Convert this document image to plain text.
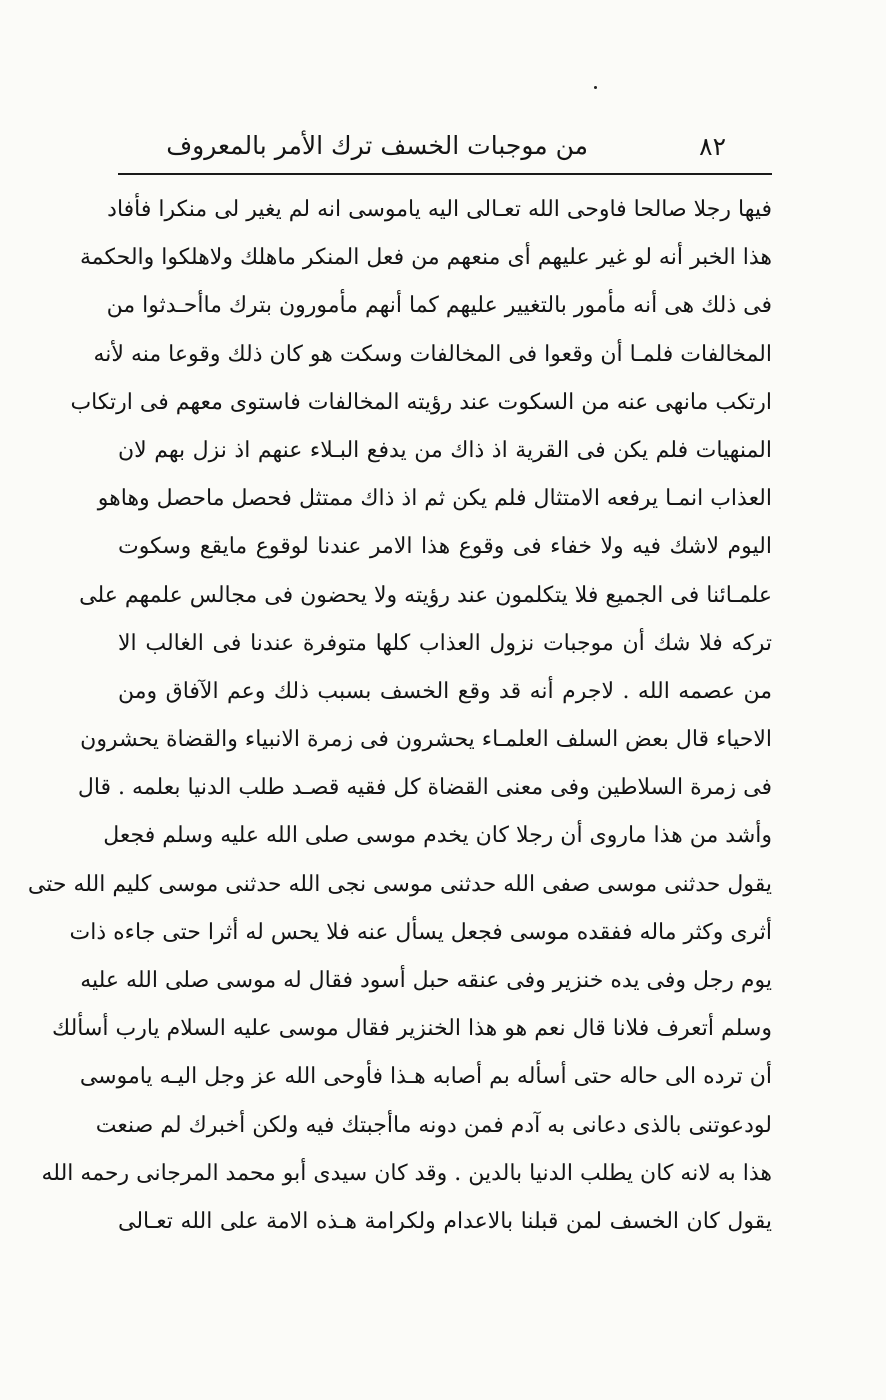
٨٢
من موجبات الخسف ترك الأمر بالمعروف
فيها رجلا صالحا فاوحى الله تعـالى اليه ياموسى انه لم يغير لى منكرا فأفاد
هذا الخبر أنه لو غير عليهم أى منعهم من فعل المنكر ماهلك ولاهلكوا والحكمة
فى ذلك هى أنه مأمور بالتغيير عليهم كما أنهم مأمورون بترك ماأحـدثوا من
المخالفات فلمـا أن وقعوا فى المخالفات وسكت هو كان ذلك وقوعا منه لأنه
ارتكب مانهى عنه من السكوت عند رؤيته المخالفات فاستوى معهم فى ارتكاب
المنهيات فلم يكن فى القرية اذ ذاك من يدفع البـلاء عنهم اذ نزل بهم لان
العذاب انمـا يرفعه الامتثال فلم يكن ثم اذ ذاك ممتثل فحصل ماحصل وهاهو
اليوم لاشك فيه ولا خفاء فى وقوع هذا الامر عندنا لوقوع مايقع وسكوت
علمـائنا فى الجميع فلا يتكلمون عند رؤيته ولا يحضون فى مجالس علمهم على
تركه فلا شك أن موجبات نزول العذاب كلها متوفرة عندنا فى الغالب الا
من عصمه الله . لاجرم أنه قد وقع الخسف بسبب ذلك وعم الآفاق ومن
الاحياء قال بعض السلف العلمـاء يحشرون فى زمرة الانبياء والقضاة يحشرون
فى زمرة السلاطين وفى معنى القضاة كل فقيه قصـد طلب الدنيا بعلمه . قال
وأشد من هذا ماروى أن رجلا كان يخدم موسى صلى الله عليه وسلم فجعل
يقول حدثنى موسى صفى الله حدثنى موسى نجى الله حدثنى موسى كليم الله حتى
أثرى وكثر ماله ففقده موسى فجعل يسأل عنه فلا يحس له أثرا حتى جاءه ذات
يوم رجل وفى يده خنزير وفى عنقه حبل أسود فقال له موسى صلى الله عليه
وسلم أتعرف فلانا قال نعم هو هذا الخنزير فقال موسى عليه السلام يارب أسألك
أن ترده الى حاله حتى أسأله بم أصابه هـذا فأوحى الله عز وجل اليـه ياموسى
لودعوتنى بالذى دعانى به آدم فمن دونه ماأجبتك فيه ولكن أخبرك لم صنعت
هذا به لانه كان يطلب الدنيا بالدين . وقد كان سيدى أبو محمد المرجانى رحمه الله
يقول كان الخسف لمن قبلنا بالاعدام ولكرامة هـذه الامة على الله تعـالى
